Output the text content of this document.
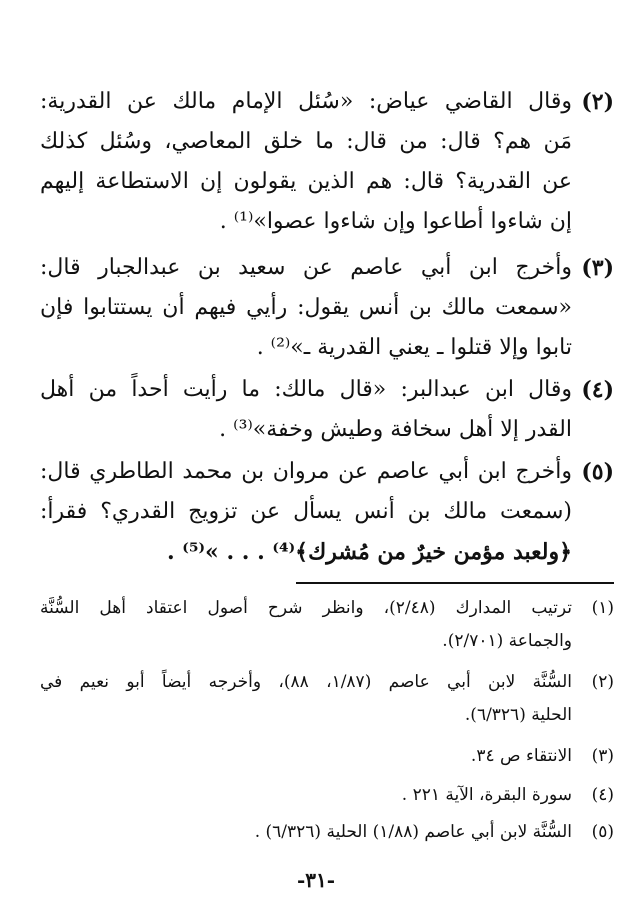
(٢)
وقال القاضي عياض: «سُئل الإمام مالك عن القدرية:
مَن هم؟ قال: من قال: ما خلق المعاصي، وسُئل كذلك
عن القدرية؟ قال: هم الذين يقولون إن الاستطاعة إليهم
إن شاءوا أطاعوا وإن شاءوا عصوا»⁽¹⁾ .
(٣)
وأخرج ابن أبي عاصم عن سعيد بن عبدالجبار قال:
«سمعت مالك بن أنس يقول: رأيي فيهم أن يستتابوا فإن
تابوا وإلا قتلوا ـ يعني القدرية ـ»⁽²⁾ .
(٤)
وقال ابن عبدالبر: «قال مالك: ما رأيت أحداً من أهل
القدر إلا أهل سخافة وطيش وخفة»⁽³⁾ .
(٥)
وأخرج ابن أبي عاصم عن مروان بن محمد الطاطري قال:
(سمعت مالك بن أنس يسأل عن تزويج القدري؟ فقرأ:
﴿ولعبد مؤمن خيرٌ من مُشرك﴾⁽⁴⁾ . . . »⁽⁵⁾ .
(١)
ترتيب المدارك (٢/٤٨)، وانظر شرح أصول اعتقاد أهل السُّنَّة
والجماعة (٢/٧٠١).
(٢)
السُّنَّة لابن أبي عاصم (١/٨٧، ٨٨)، وأخرجه أيضاً أبو نعيم في
الحلية (٦/٣٢٦).
(٣)
الانتقاء ص ٣٤.
(٤)
سورة البقرة، الآية ٢٢١ .
(٥)
السُّنَّة لابن أبي عاصم (١/٨٨) الحلية (٦/٣٢٦) .
-٣١-
